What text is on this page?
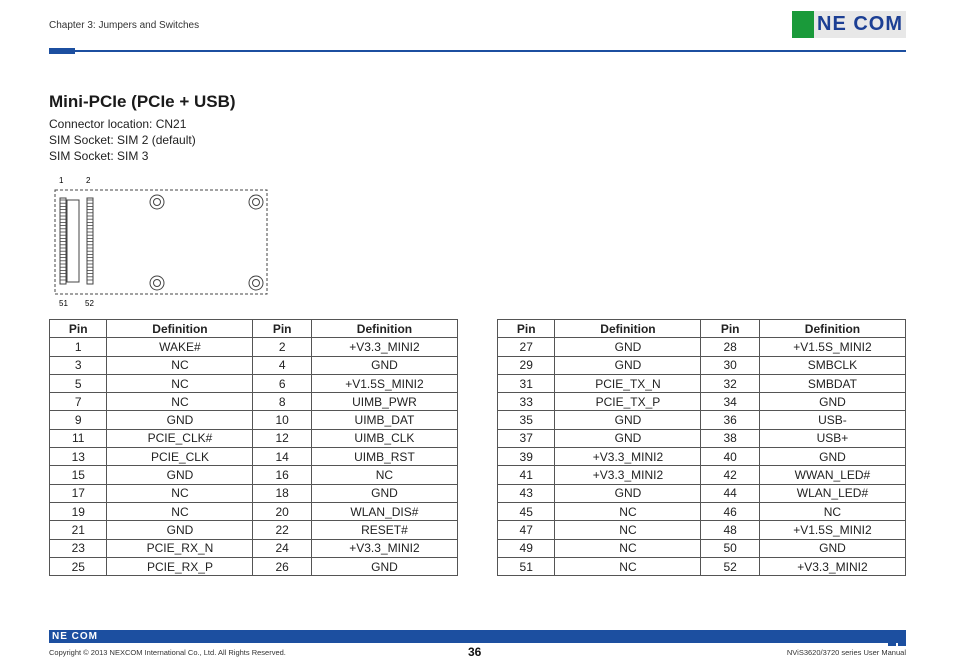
Chapter 3: Jumpers and Switches	NE COM
Mini-PCIe (PCIe + USB)
Connector location: CN21
SIM Socket: SIM 2 (default)
SIM Socket: SIM 3
1	2
51 52
Pin	Definition	Pin	Definition
1	WAKE#	2	+V3.3_MINI2
3	NC	4	GND
5	NC	6	+V1.5S_MINI2
7	NC	8	UIMB_PWR
9	GND	10	UIMB_DAT
11	PCIE_CLK#	12	UIMB_CLK
13	PCIE_CLK	14	UIMB_RST
15	GND	16	NC
17	NC	18	GND
19	NC	20	WLAN_DIS#
21	GND	22	RESET#
23	PCIE_RX_N	24	+V3.3_MINI2
25	PCIE_RX_P	26	GND
Pin	Definition	Pin	Definition
27	GND	28	+V1.5S_MINI2
29	GND	30	SMBCLK
31	PCIE_TX_N	32	SMBDAT
33	PCIE_TX_P	34	GND
35	GND	36	USB-
37	GND	38	USB+
39	+V3.3_MINI2	40	GND
41	+V3.3_MINI2	42	WWAN_LED#
43	GND	44	WLAN_LED#
45	NC	46	NC
47	NC	48	+V1.5S_MINI2
49	NC	50	GND
51	NC	52	+V3.3_MINI2
NE COM
Copyright © 2013 NEXCOM International Co., Ltd. All Rights Reserved.	36	NViS3620/3720 series User Manual
